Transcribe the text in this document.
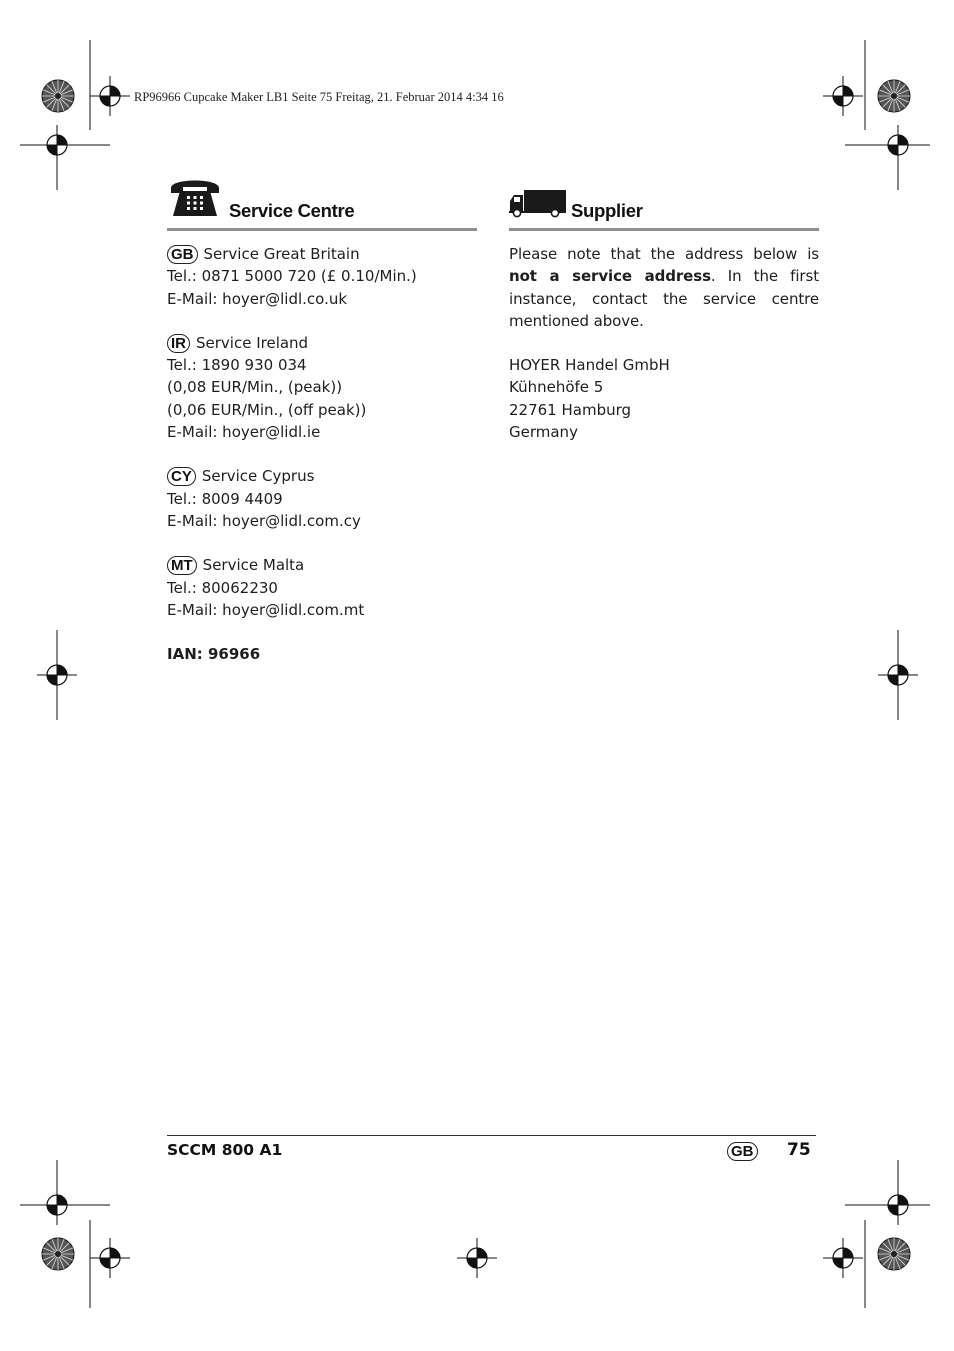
RP96966 Cupcake Maker LB1 Seite 75 Freitag, 21. Februar 2014 4:34 16
Service Centre
GB Service Great Britain
Tel.: 0871 5000 720 (£ 0.10/Min.)
E-Mail: hoyer@lidl.co.uk
IR Service Ireland
Tel.: 1890 930 034
(0,08 EUR/Min., (peak))
(0,06 EUR/Min., (off peak))
E-Mail: hoyer@lidl.ie
CY Service Cyprus
Tel.: 8009 4409
E-Mail: hoyer@lidl.com.cy
MT Service Malta
Tel.: 80062230
E-Mail: hoyer@lidl.com.mt
IAN: 96966
Supplier
Please note that the address below is not a service address. In the first instance, contact the service centre mentioned above.
HOYER Handel GmbH
Kühnehöfe 5
22761 Hamburg
Germany
SCCM 800 A1	GB 75
